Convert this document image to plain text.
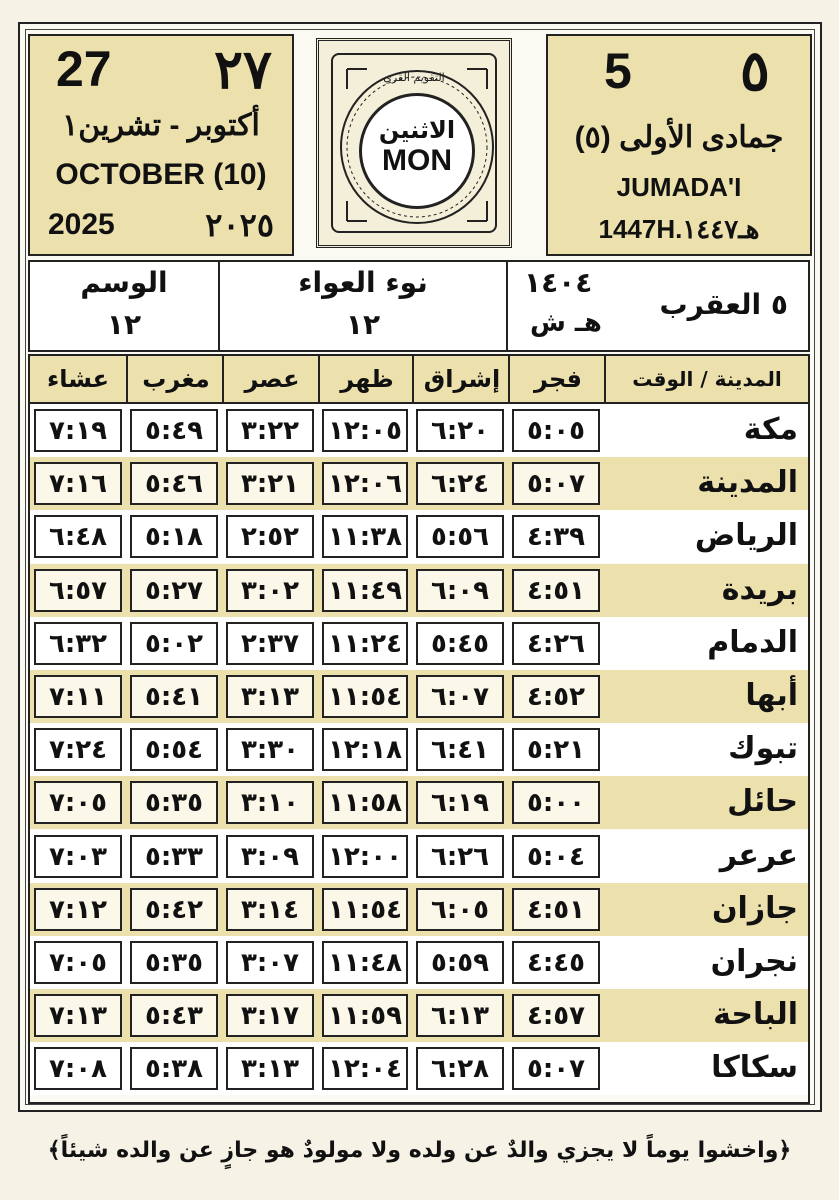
27 ٢٧
أكتوبر - تشرين١
OCTOBER (10)
2025	٢٠٢٥
التقويم القري
الاثنين
MON
5 ٥
جمادى الأولى (٥)
JUMADA'I
1447H.هـ١٤٤٧
٥ العقرب
١٤٠٤
هـ ش
نوء العواء
١٢
الوسم
١٢
عشاء	مغرب	عصر	ظهر	إشراق	فجر	المدينة / الوقت
٧:١٩	٥:٤٩	٣:٢٢	١٢:٠٥	٦:٢٠	٥:٠٥	مكة
٧:١٦	٥:٤٦	٣:٢١	١٢:٠٦	٦:٢٤	٥:٠٧	المدينة
٦:٤٨	٥:١٨	٢:٥٢	١١:٣٨	٥:٥٦	٤:٣٩	الرياض
٦:٥٧	٥:٢٧	٣:٠٢	١١:٤٩	٦:٠٩	٤:٥١	بريدة
٦:٣٢	٥:٠٢	٢:٣٧	١١:٢٤	٥:٤٥	٤:٢٦	الدمام
٧:١١	٥:٤١	٣:١٣	١١:٥٤	٦:٠٧	٤:٥٢	أبها
٧:٢٤	٥:٥٤	٣:٣٠	١٢:١٨	٦:٤١	٥:٢١	تبوك
٧:٠٥	٥:٣٥	٣:١٠	١١:٥٨	٦:١٩	٥:٠٠	حائل
٧:٠٣	٥:٣٣	٣:٠٩	١٢:٠٠	٦:٢٦	٥:٠٤	عرعر
٧:١٢	٥:٤٢	٣:١٤	١١:٥٤	٦:٠٥	٤:٥١	جازان
٧:٠٥	٥:٣٥	٣:٠٧	١١:٤٨	٥:٥٩	٤:٤٥	نجران
٧:١٣	٥:٤٣	٣:١٧	١١:٥٩	٦:١٣	٤:٥٧	الباحة
٧:٠٨	٥:٣٨	٣:١٣	١٢:٠٤	٦:٢٨	٥:٠٧	سكاكا
﴿واخشوا يوماً لا يجزي والدٌ عن ولده ولا مولودٌ هو جازٍ عن والده شيئاً﴾
